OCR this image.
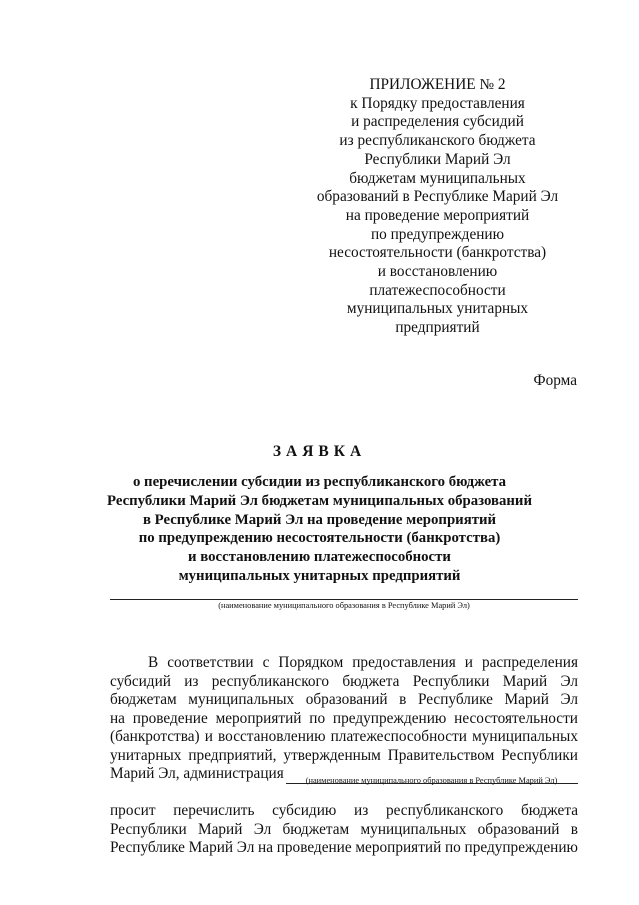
ПРИЛОЖЕНИЕ № 2
к Порядку предоставления
и распределения субсидий
из республиканского бюджета
Республики Марий Эл
бюджетам муниципальных
образований в Республике Марий Эл
на проведение мероприятий
по предупреждению
несостоятельности (банкротства)
и восстановлению
платежеспособности
муниципальных унитарных
предприятий
Форма
ЗАЯВКА
о перечислении субсидии из республиканского бюджета
Республики Марий Эл бюджетам муниципальных образований
в Республике Марий Эл на проведение мероприятий
по предупреждению несостоятельности (банкротства)
и восстановлению платежеспособности
муниципальных унитарных предприятий
(наименование муниципального образования в Республике Марий Эл)
В соответствии с Порядком предоставления и распределения
субсидий из республиканского бюджета Республики Марий Эл
бюджетам муниципальных образований в Республике Марий Эл
на проведение мероприятий по предупреждению несостоятельности
(банкротства) и восстановлению платежеспособности муниципальных
унитарных предприятий, утвержденным Правительством Республики
Марий Эл, администрация	(наименование муниципального образования в Республике Марий Эл)
просит перечислить субсидию из республиканского бюджета
Республики Марий Эл бюджетам муниципальных образований в
Республике Марий Эл на проведение мероприятий по предупреждению
